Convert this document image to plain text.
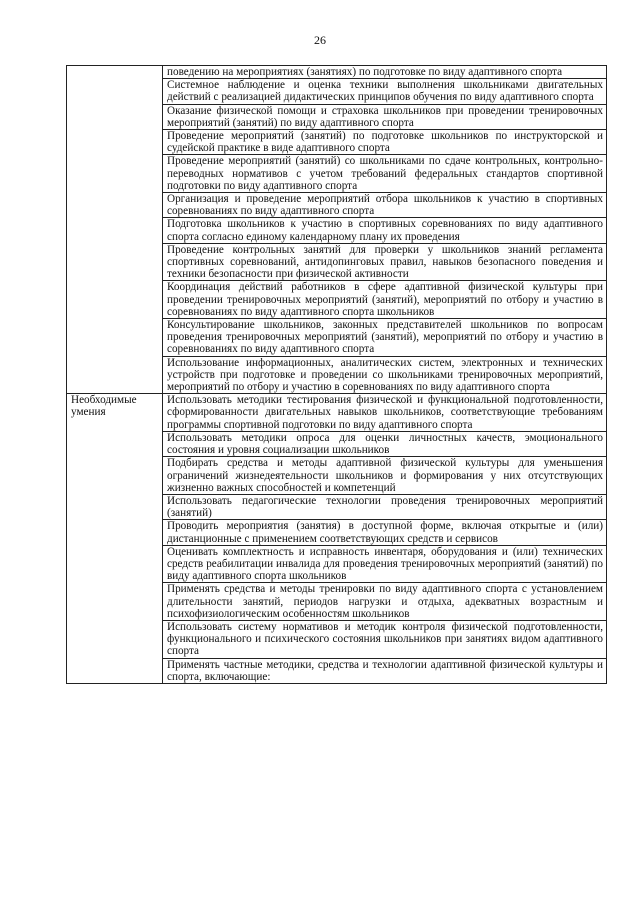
26
	поведению на мероприятиях (занятиях) по подготовке по виду адаптивного спорта
	Системное наблюдение и оценка техники выполнения школьниками двигательных действий с реализацией дидактических принципов обучения по виду адаптивного спорта
	Оказание физической помощи и страховка школьников при проведении тренировочных мероприятий (занятий) по виду адаптивного спорта
	Проведение мероприятий (занятий) по подготовке школьников по инструкторской и судейской практике в виде адаптивного спорта
	Проведение мероприятий (занятий) со школьниками по сдаче контрольных, контрольно-переводных нормативов с учетом требований федеральных стандартов спортивной подготовки по виду адаптивного спорта
	Организация и проведение мероприятий отбора школьников к участию в спортивных соревнованиях по виду адаптивного спорта
	Подготовка школьников к участию в спортивных соревнованиях по виду адаптивного спорта согласно единому календарному плану их проведения
	Проведение контрольных занятий для проверки у школьников знаний регламента спортивных соревнований, антидопинговых правил, навыков безопасного поведения и техники безопасности при физической активности
	Координация действий работников в сфере адаптивной физической культуры при проведении тренировочных мероприятий (занятий), мероприятий по отбору и участию в соревнованиях по виду адаптивного спорта школьников
	Консультирование школьников, законных представителей школьников по вопросам проведения тренировочных мероприятий (занятий), мероприятий по отбору и участию в соревнованиях по виду адаптивного спорта
	Использование информационных, аналитических систем, электронных и технических устройств при подготовке и проведении со школьниками тренировочных мероприятий, мероприятий по отбору и участию в соревнованиях по виду адаптивного спорта
Необходимые умения	Использовать методики тестирования физической и функциональной подготовленности, сформированности двигательных навыков школьников, соответствующие требованиям программы спортивной подготовки по виду адаптивного спорта
	Использовать методики опроса для оценки личностных качеств, эмоционального состояния и уровня социализации школьников
	Подбирать средства и методы адаптивной физической культуры для уменьшения ограничений жизнедеятельности школьников и формирования у них отсутствующих жизненно важных способностей и компетенций
	Использовать педагогические технологии проведения тренировочных мероприятий (занятий)
	Проводить мероприятия (занятия) в доступной форме, включая открытые и (или) дистанционные с применением соответствующих средств и сервисов
	Оценивать комплектность и исправность инвентаря, оборудования и (или) технических средств реабилитации инвалида для проведения тренировочных мероприятий (занятий) по виду адаптивного спорта школьников
	Применять средства и методы тренировки по виду адаптивного спорта с установлением длительности занятий, периодов нагрузки и отдыха, адекватных возрастным и психофизиологическим особенностям школьников
	Использовать систему нормативов и методик контроля физической подготовленности, функционального и психического состояния школьников при занятиях видом адаптивного спорта
	Применять частные методики, средства и технологии адаптивной физической культуры и спорта, включающие:
